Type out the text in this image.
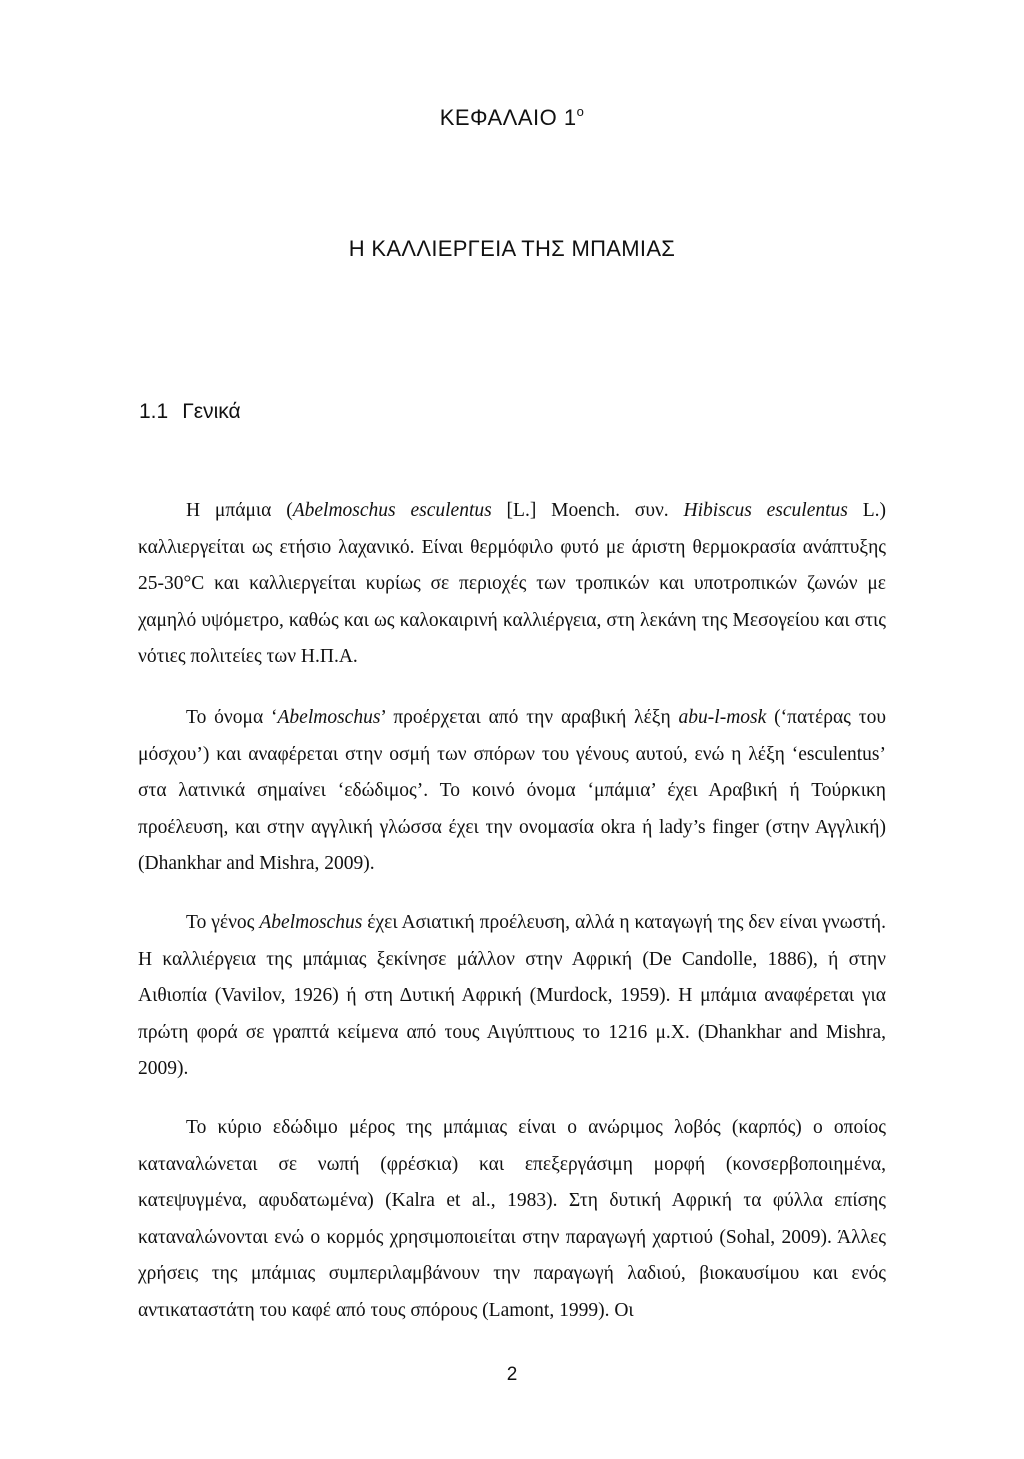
ΚΕΦΑΛΑΙΟ $1^o$
Η ΚΑΛΛΙΕΡΓΕΙΑ ΤΗΣ ΜΠΑΜΙΑΣ
1.1 Γενικά

Η μπάμια (Abelmoschus esculentus [L.] Moench. συν. Hibiscus esculentus L.) καλλιεργείται ως ετήσιο λαχανικό. Είναι θερμόφιλο φυτό με άριστη θερμοκρασία ανάπτυξης 25-30°C και καλλιεργείται κυρίως σε περιοχές των τροπικών και υποτροπικών ζωνών με χαμηλό υψόμετρο, καθώς και ως καλοκαιρινή καλλιέργεια, στη λεκάνη της Μεσογείου και στις νότιες πολιτείες των Η.Π.Α.

Το όνομα ‘Abelmoschus’ προέρχεται από την αραβική λέξη abu-l-mosk (‘πατέρας του μόσχου’) και αναφέρεται στην οσμή των σπόρων του γένους αυτού, ενώ η λέξη ‘esculentus’ στα λατινικά σημαίνει ‘εδώδιμος’. Το κοινό όνομα ‘μπάμια’ έχει Αραβική ή Τούρκικη προέλευση, και στην αγγλική γλώσσα έχει την ονομασία okra ή lady’s finger (στην Αγγλική) (Dhankhar and Mishra, 2009).

Το γένος Abelmoschus έχει Ασιατική προέλευση, αλλά η καταγωγή της δεν είναι γνωστή. Η καλλιέργεια της μπάμιας ξεκίνησε μάλλον στην Αφρική (De Candolle, 1886), ή στην Αιθιοπία (Vavilov, 1926) ή στη Δυτική Αφρική (Murdock, 1959). Η μπάμια αναφέρεται για πρώτη φορά σε γραπτά κείμενα από τους Αιγύπτιους το 1216 μ.Χ. (Dhankhar and Mishra, 2009).

Το κύριο εδώδιμο μέρος της μπάμιας είναι ο ανώριμος λοβός (καρπός) ο οποίος καταναλώνεται σε νωπή (φρέσκια) και επεξεργάσιμη μορφή (κονσερβοποιημένα, κατεψυγμένα, αφυδατωμένα) (Kalra et al., 1983). Στη δυτική Αφρική τα φύλλα επίσης καταναλώνονται ενώ ο κορμός χρησιμοποιείται στην παραγωγή χαρτιού (Sohal, 2009). Άλλες χρήσεις της μπάμιας συμπεριλαμβάνουν την παραγωγή λαδιού, βιοκαυσίμου και ενός αντικαταστάτη του καφέ από τους σπόρους (Lamont, 1999). Οι

2
